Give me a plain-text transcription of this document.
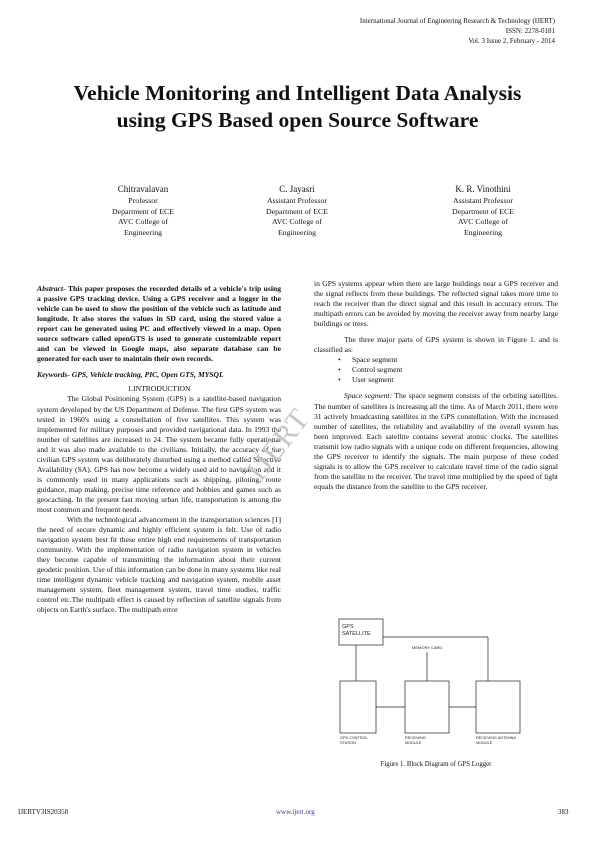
International Journal of Engineering Research & Technology (IJERT)
ISSN: 2278-0181
Vol. 3 Issue 2, February - 2014
Vehicle Monitoring and Intelligent Data Analysis
using GPS Based open Source Software
Chitravalavan
Professor
Department of ECE
AVC College of
Engineering
C. Jayasri
Assistant Professor
Department of ECE
AVC College of
Engineering
K. R. Vinothini
Assistant Professor
Department of ECE
AVC College of
Engineering

Abstract- This paper proposes the recorded details of a vehicle's trip using a passive GPS tracking device. Using a GPS receiver and a logger in the vehicle can be used to show the position of the vehicle such as latitude and longitude. It also stores the values in SD card, using the stored value a report can be generated using PC and effectively viewed in a map. Open source software called openGTS is used to generate customizable report and can be viewed in Google maps, also separate database can be generated for each user to maintain their own records.

Keywords- GPS, Vehicle tracking, PIC, Open GTS, MYSQL

1.INTRODUCTION

The Global Positioning System (GPS) is a satellite-based navigation system developed by the US Department of Defense. The first GPS system was tested in 1960's using a constellation of five satellites. This system was implemented for military purposes and provided navigational data. In 1993 the number of satellites are increased to 24. The system became fully operational and it was also made available to the civilians. Initially, the accuracy of the civilian GPS system was deliberately disturbed using a method called Selective Availability (SA). GPS has now become a widely used aid to navigation and it is commonly used in many applications such as shipping, piloting, route guidance, map making, precise time reference and hobbies and games such as geocaching. In the present fast moving urban life, transportation is among the most common and frequent needs.

With the technological advancement in the transportation sciences [1] the need of secure dynamic and highly efficient system is felt. Use of radio navigation system best fit these entire high end requirements of transportation community. With the implementation of radio navigation system in vehicles they become capable of transmitting the information about their current geodetic position. Use of this information can be done in many systems like real time intelligent dynamic vehicle tracking and navigation system, mobile asset management system, fleet management system, travel time studies, traffic control etc.The multipath effect is caused by reflection of satellite signals from objects on Earth's surface. The multipath error

in GPS systems appear when there are large buildings near a GPS receiver and the signal reflects from these buildings. The reflected signal takes more time to reach the receiver than the direct signal and this result in accuracy errors. The multipath errors can be avoided by moving the receiver away from nearby large buildings or trees.

The three major parts of GPS system is shown in Figure 1. and is classified as:

• Space segment
• Control segment
• User segment

Space segment: The space segment consists of the orbiting satellites. The number of satellites is increasing all the time. As of March 2011, there were 31 actively broadcasting satellites in the GPS constellation. With the increased number of satellites, the reliability and availability of the overall system has been improved. Each satellite contains several atomic clocks. The satellites transmit low radio signals with a unique code on different frequencies, allowing the GPS receiver to identify the signals. The main purpose of these coded signals is to allow the GPS receiver to calculate travel time of the radio signal from the satellite to the receiver. The travel time multiplied by the speed of light equals the distance from the satellite to the GPS receiver.

IJERT
GPS
SATELLITE
MEMORY CARD
GPS CONTROL
STATION
RECEIVING
MODULE
RECEIVING ANTENNA
MODULE
Figure 1. Block Diagram of GPS Logger
IJERTV3IS20358	www.ijert.org	383
